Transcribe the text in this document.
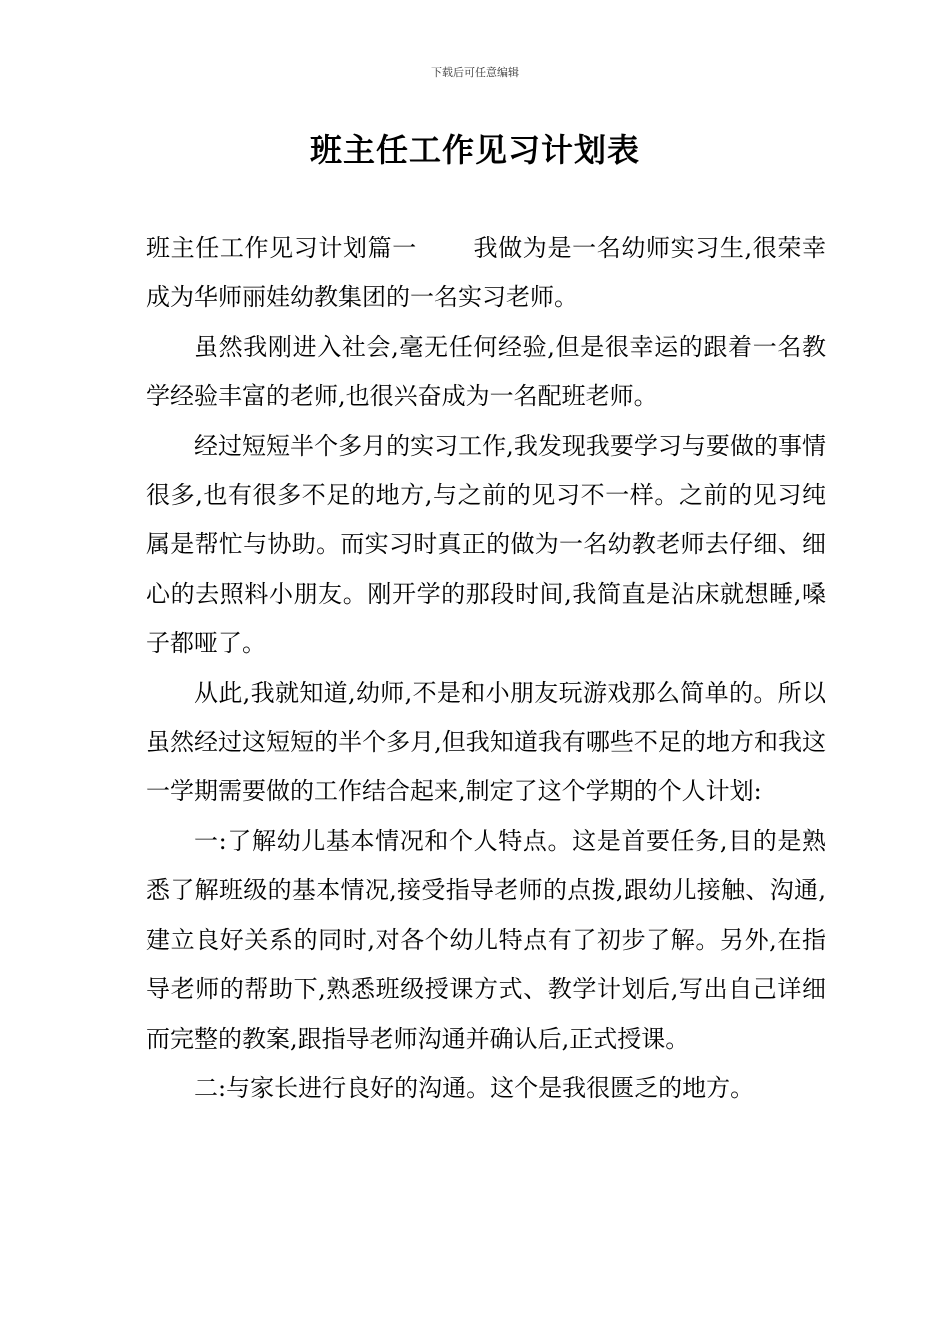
下载后可任意编辑
班主任工作见习计划表

班主任工作见习计划篇一 我做为是一名幼师实习生,很荣幸成为华师丽娃幼教集团的一名实习老师。

虽然我刚进入社会,毫无任何经验,但是很幸运的跟着一名教学经验丰富的老师,也很兴奋成为一名配班老师。

经过短短半个多月的实习工作,我发现我要学习与要做的事情很多,也有很多不足的地方,与之前的见习不一样。之前的见习纯属是帮忙与协助。而实习时真正的做为一名幼教老师去仔细、细心的去照料小朋友。刚开学的那段时间,我简直是沾床就想睡,嗓子都哑了。

从此,我就知道,幼师,不是和小朋友玩游戏那么简单的。所以虽然经过这短短的半个多月,但我知道我有哪些不足的地方和我这一学期需要做的工作结合起来,制定了这个学期的个人计划:

一:了解幼儿基本情况和个人特点。这是首要任务,目的是熟悉了解班级的基本情况,接受指导老师的点拨,跟幼儿接触、沟通,建立良好关系的同时,对各个幼儿特点有了初步了解。另外,在指导老师的帮助下,熟悉班级授课方式、教学计划后,写出自己详细而完整的教案,跟指导老师沟通并确认后,正式授课。

二:与家长进行良好的沟通。这个是我很匮乏的地方。
